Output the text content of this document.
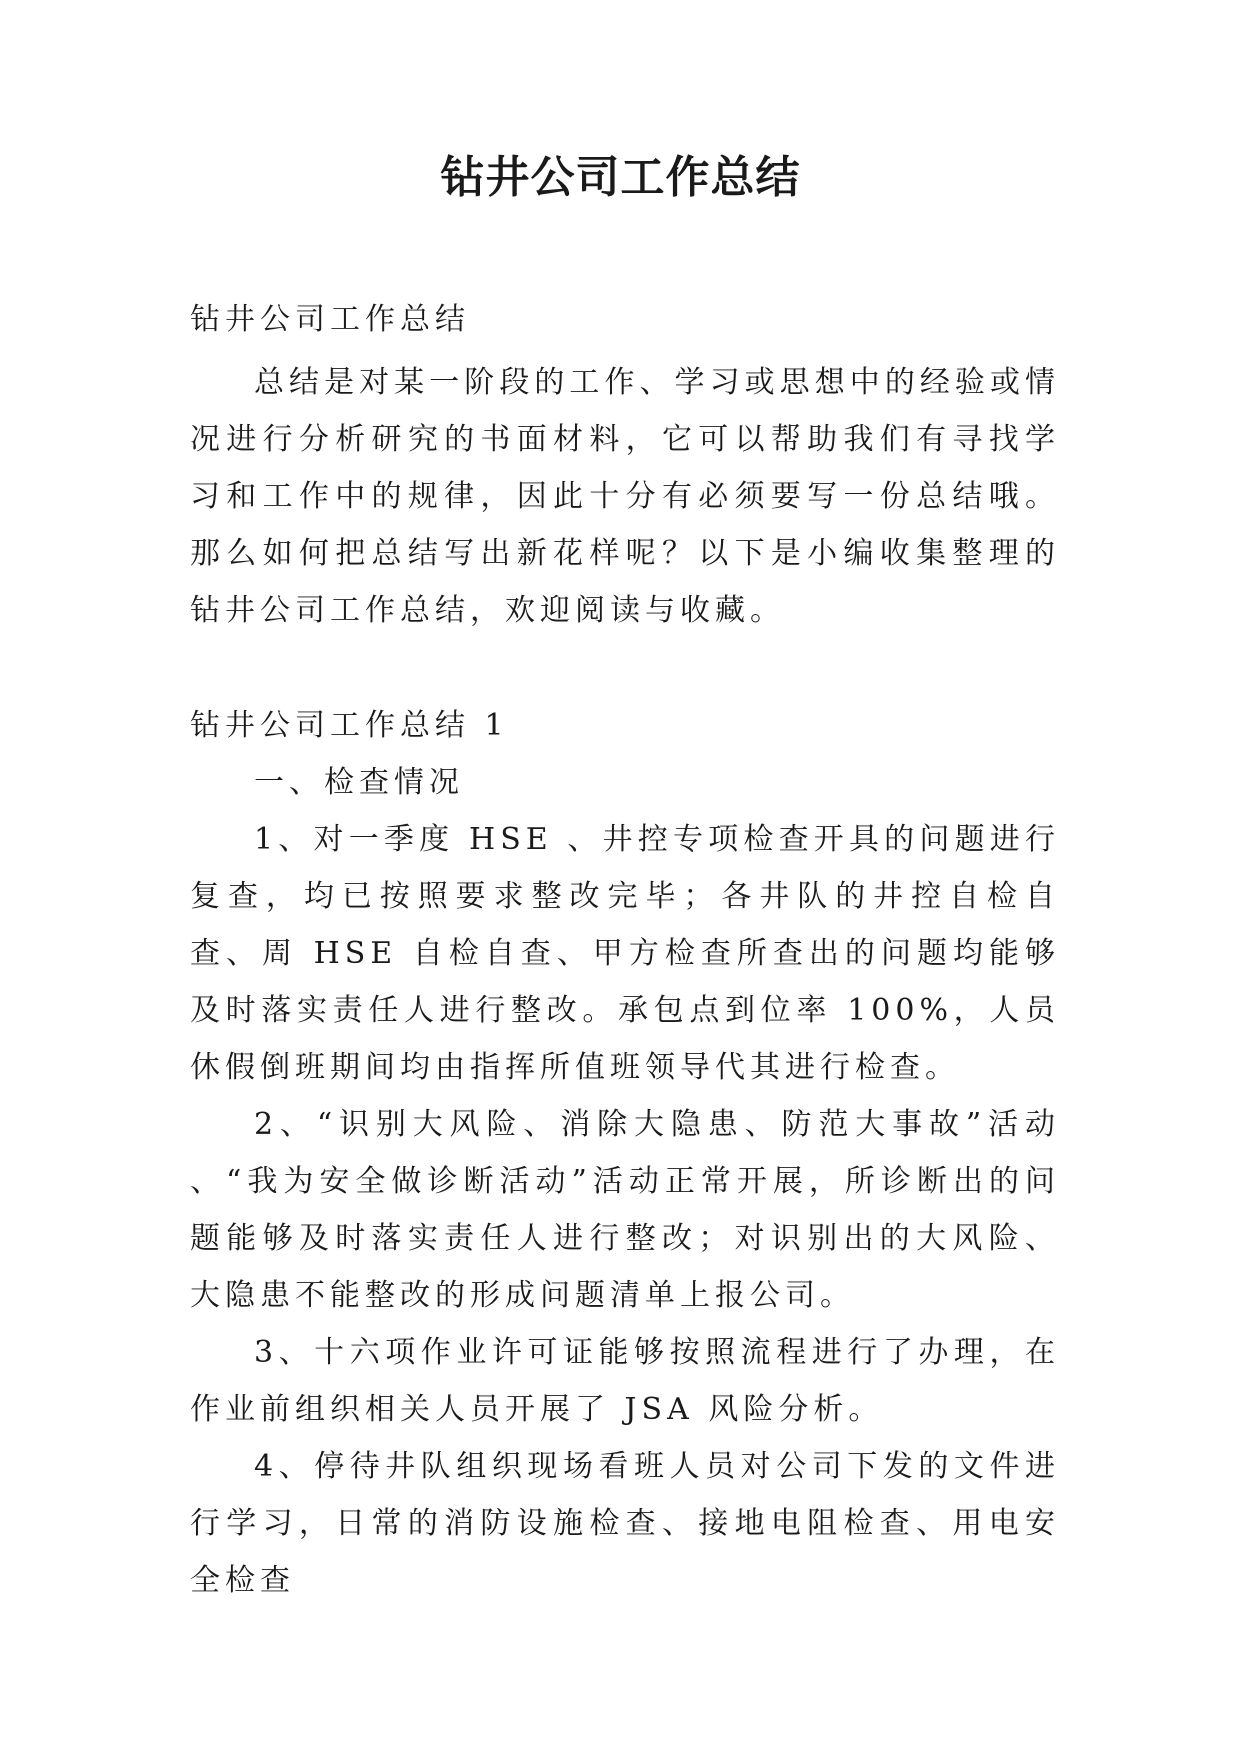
钻井公司工作总结

钻井公司工作总结

总结是对某一阶段的工作、学习或思想中的经验或情况进行分析研究的书面材料，它可以帮助我们有寻找学习和工作中的规律，因此十分有必须要写一份总结哦。那么如何把总结写出新花样呢？以下是小编收集整理的钻井公司工作总结，欢迎阅读与收藏。

钻井公司工作总结 1

一、检查情况

1、对一季度 HSE 、井控专项检查开具的问题进行复查，均已按照要求整改完毕；各井队的井控自检自查、周 HSE 自检自查、甲方检查所查出的问题均能够及时落实责任人进行整改。承包点到位率 100%，人员休假倒班期间均由指挥所值班领导代其进行检查。

2、“识别大风险、消除大隐患、防范大事故”活动 、“我为安全做诊断活动”活动正常开展，所诊断出的问题能够及时落实责任人进行整改；对识别出的大风险、大隐患不能整改的形成问题清单上报公司。

3、十六项作业许可证能够按照流程进行了办理，在作业前组织相关人员开展了 JSA 风险分析。

4、停待井队组织现场看班人员对公司下发的文件进行学习，日常的消防设施检查、接地电阻检查、用电安全检查
